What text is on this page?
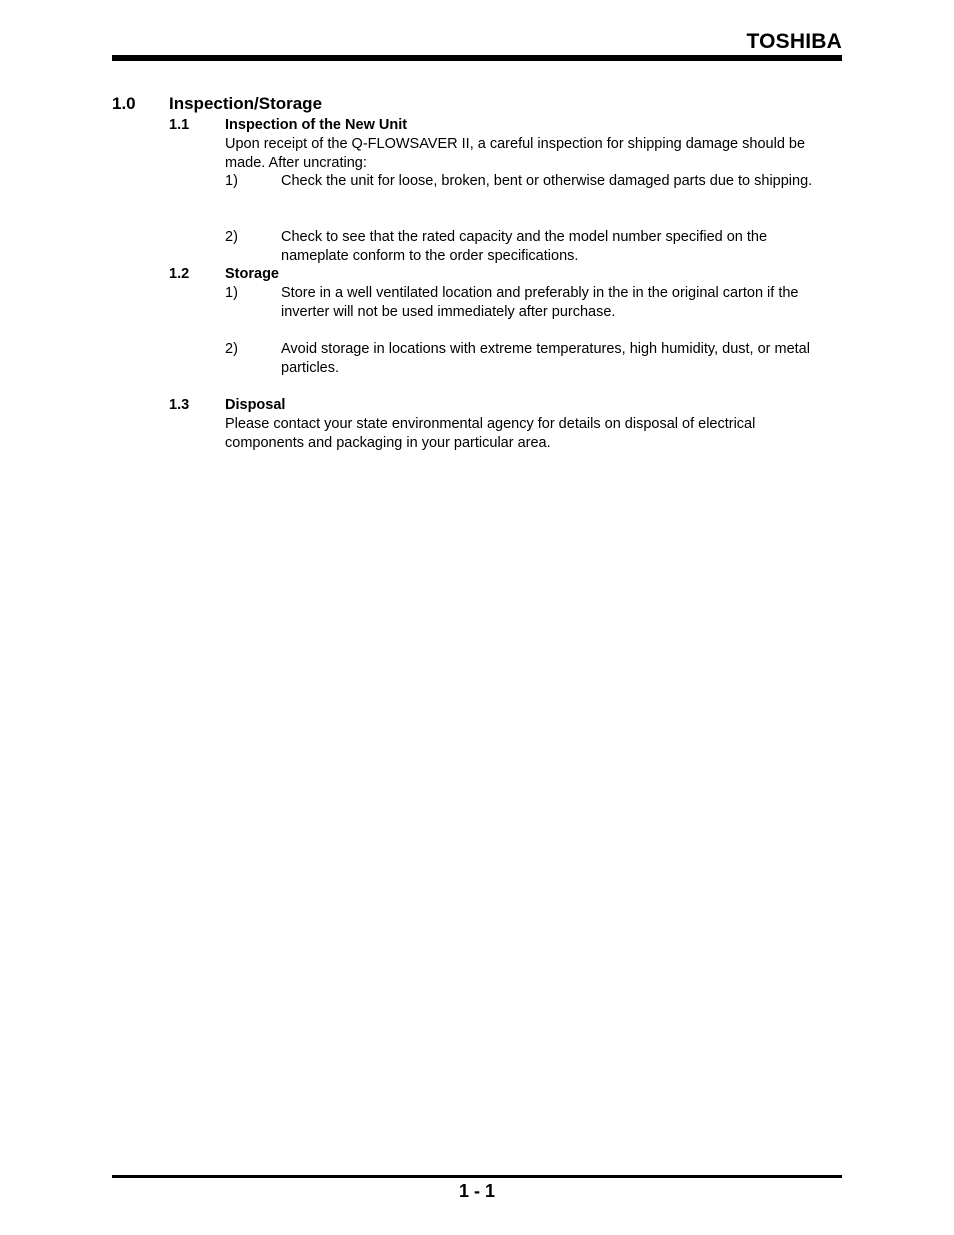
TOSHIBA
1.0 Inspection/Storage
1.1 Inspection of the New Unit
Upon receipt of the Q-FLOWSAVER II, a careful inspection for shipping damage should be made. After uncrating:
1)	Check the unit for loose, broken, bent or otherwise damaged parts due to shipping.
2)	Check to see that the rated capacity and the model number specified on the nameplate conform to the order specifications.
1.2 Storage
1)	Store in a well ventilated location and preferably in the in the original carton if the inverter will not be used immediately after purchase.
2)	Avoid storage in locations with extreme temperatures, high humidity, dust, or metal particles.
1.3 Disposal
Please contact your state environmental agency for details on disposal of electrical components and packaging in your particular area.
1 - 1
